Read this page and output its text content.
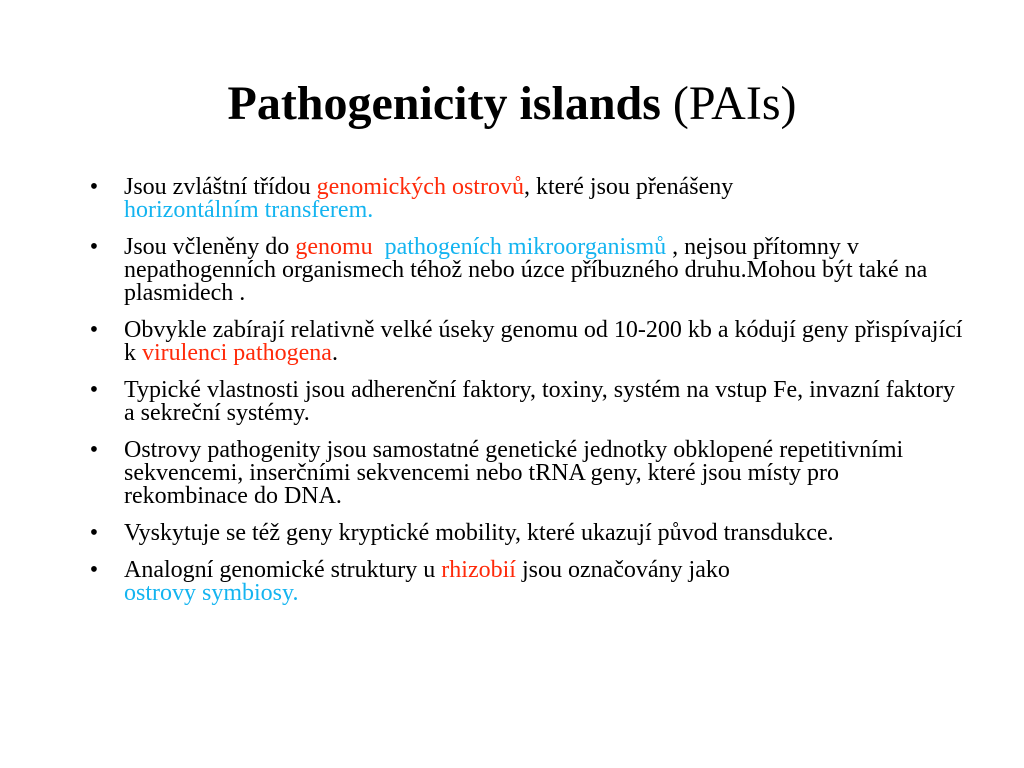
Pathogenicity islands (PAIs)
• Jsou zvláštní třídou genomických ostrovů, které jsou přenášeny
horizontálním transferem.
• Jsou včleněny do genomu pathogeních mikroorganismů , nejsou přítomny v nepathogenních organismech téhož nebo úzce příbuzného druhu.Mohou být také na plasmidech .
• Obvykle zabírají relativně velké úseky genomu od 10-200 kb a kódují geny přispívající k virulenci pathogena.
• Typické vlastnosti jsou adherenční faktory, toxiny, systém na vstup Fe, invazní faktory a sekreční systémy.
• Ostrovy pathogenity jsou samostatné genetické jednotky obklopené repetitivními sekvencemi, inserčními sekvencemi nebo tRNA geny, které jsou místy pro rekombinace do DNA.
• Vyskytuje se též geny kryptické mobility, které ukazují původ transdukce.
• Analogní genomické struktury u rhizobií jsou označovány jako
ostrovy symbiosy.
